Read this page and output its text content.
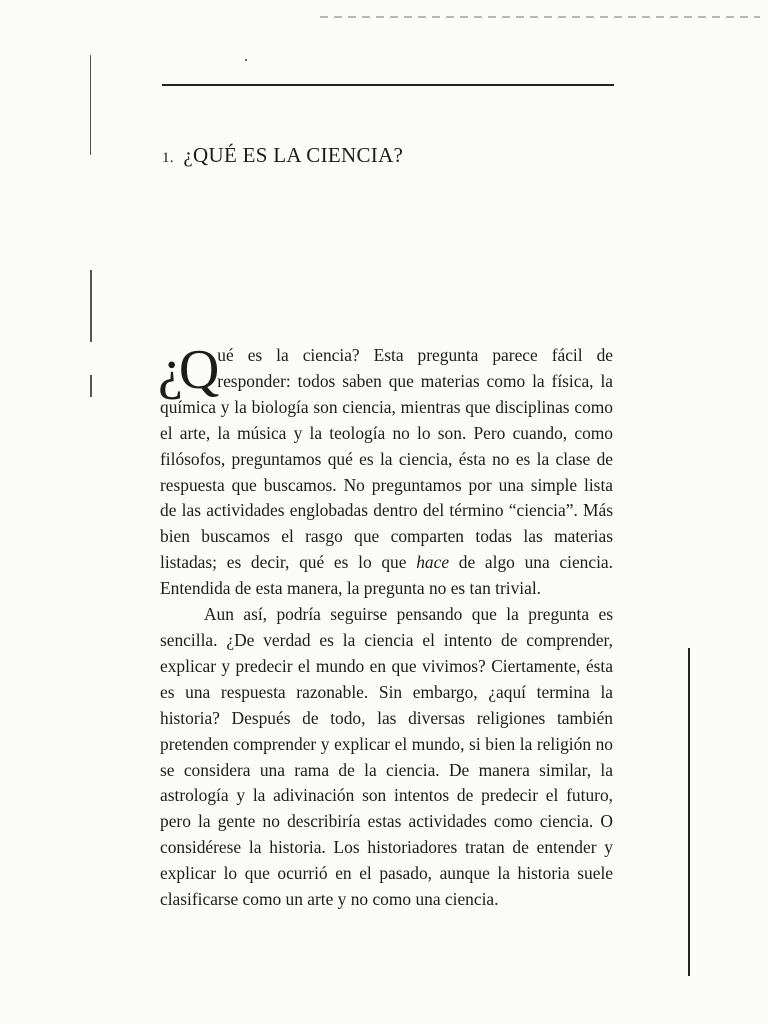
1. ¿QUÉ ES LA CIENCIA?

¿Q ué es la ciencia? Esta pregunta parece fácil de responder: todos saben que materias como la física, la química y la biología son ciencia, mientras que disciplinas como el arte, la música y la teología no lo son. Pero cuando, como filósofos, preguntamos qué es la ciencia, ésta no es la clase de respuesta que buscamos. No preguntamos por una simple lista de las actividades englobadas dentro del término “ciencia”. Más bien buscamos el rasgo que comparten todas las materias listadas; es decir, qué es lo que hace de algo una ciencia. Entendida de esta manera, la pregunta no es tan trivial.

Aun así, podría seguirse pensando que la pregunta es sencilla. ¿De verdad es la ciencia el intento de comprender, explicar y predecir el mundo en que vivimos? Ciertamente, ésta es una respuesta razonable. Sin embargo, ¿aquí termina la historia? Después de todo, las diversas religiones también pretenden comprender y explicar el mundo, si bien la religión no se considera una rama de la ciencia. De manera similar, la astrología y la adivinación son intentos de predecir el futuro, pero la gente no describiría estas actividades como ciencia. O considérese la historia. Los historiadores tratan de entender y explicar lo que ocurrió en el pasado, aunque la historia suele clasificarse como un arte y no como una ciencia.
